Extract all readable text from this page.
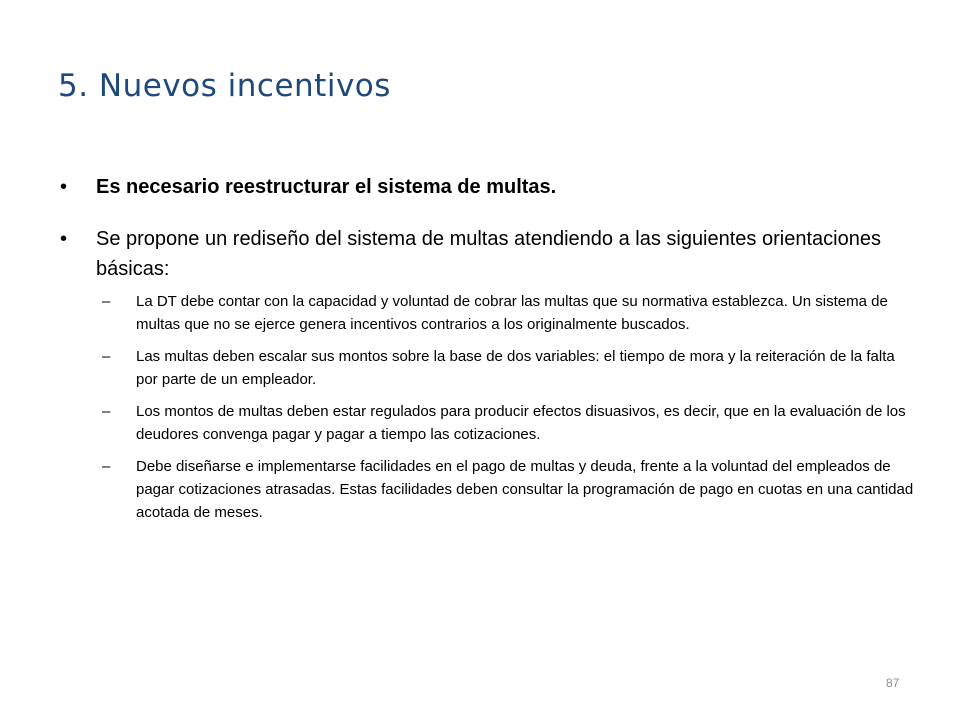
5. Nuevos incentivos
• Es necesario reestructurar el sistema de multas.
• Se propone un rediseño del sistema de multas atendiendo a las siguientes orientaciones básicas:
– La DT debe contar con la capacidad y voluntad de cobrar las multas que su normativa establezca. Un sistema de multas que no se ejerce genera incentivos contrarios a los originalmente buscados.
– Las multas deben escalar sus montos sobre la base de dos variables: el tiempo de mora y la reiteración de la falta por parte de un empleador.
– Los montos de multas deben estar regulados para producir efectos disuasivos, es decir, que en la evaluación de los deudores convenga pagar y pagar a tiempo las cotizaciones.
– Debe diseñarse e implementarse facilidades en el pago de multas y deuda, frente a la voluntad del empleados de pagar cotizaciones atrasadas. Estas facilidades deben consultar la programación de pago en cuotas en una cantidad acotada de meses.
87
